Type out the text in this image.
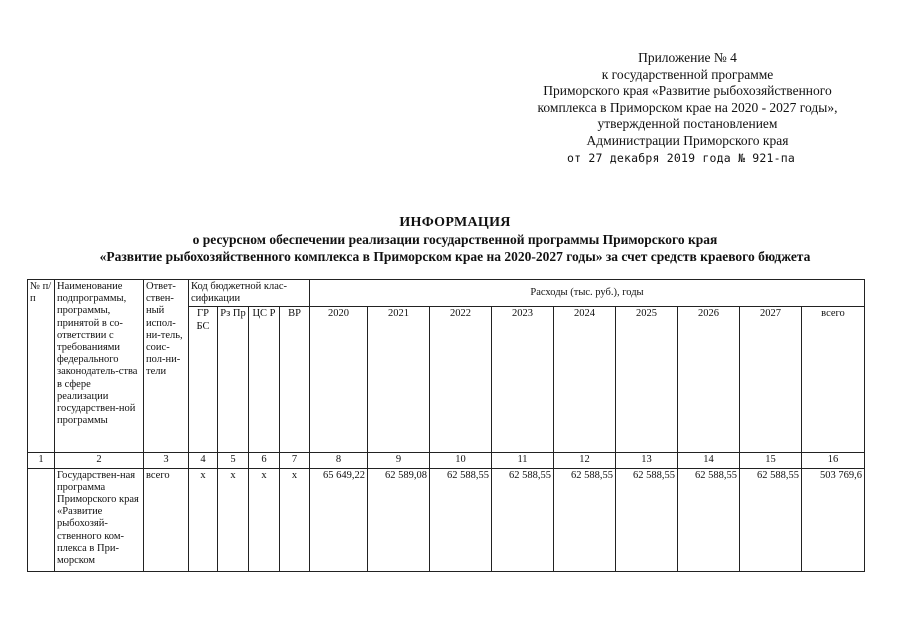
Приложение № 4
к государственной программе
Приморского края «Развитие рыбохозяйственного
комплекса в Приморском крае на 2020 - 2027 годы»,
утвержденной постановлением
Администрации Приморского края
от 27 декабря 2019 года № 921-па
ИНФОРМАЦИЯ
о ресурсном обеспечении реализации государственной программы Приморского края
«Развитие рыбохозяйственного комплекса в Приморском крае на 2020-2027 годы» за счет средств краевого бюджета
№ п/п	Наименование подпрограммы, программы, принятой в со-ответствии с требованиями федерального законодатель-ства в сфере реализации государствен-ной программы	Ответ-ствен-ный испол-ни-тель, соис-пол-ни-тели	Код бюджетной клас-сификации				Расходы (тыс. руб.), годы								
			ГР БС	Рз Пр	ЦС Р	ВР	2020	2021	2022	2023	2024	2025	2026	2027	всего
1	2	3	4	5	6	7	8	9	10	11	12	13	14	15	16
	Государствен-ная программа Приморского края «Развитие рыбохозяй-ственного ком-плекса в При-морском	всего	х	х	х	х	65 649,22	62 589,08	62 588,55	62 588,55	62 588,55	62 588,55	62 588,55	62 588,55	503 769,6
